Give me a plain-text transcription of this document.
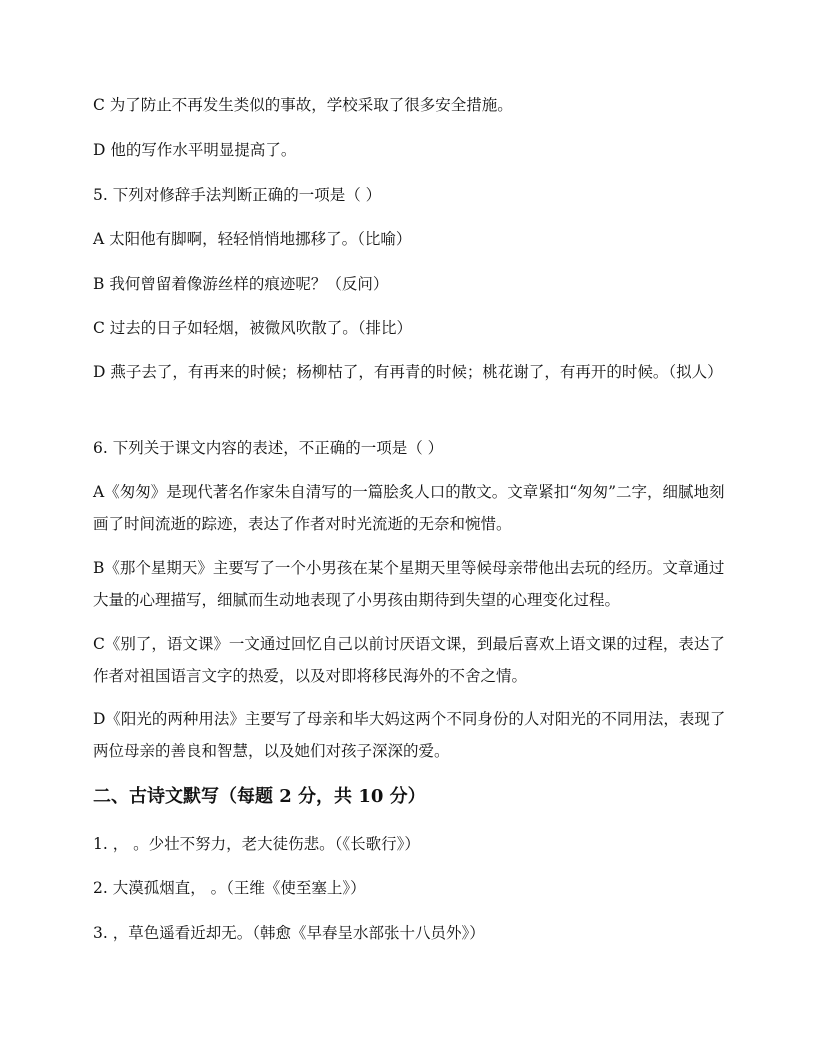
C 为了防止不再发生类似的事故，学校采取了很多安全措施。
D 他的写作水平明显提高了。
5. 下列对修辞手法判断正确的一项是（ ）
A 太阳他有脚啊，轻轻悄悄地挪移了。（比喻）
B 我何曾留着像游丝样的痕迹呢？（反问）
C 过去的日子如轻烟，被微风吹散了。（排比）
D 燕子去了，有再来的时候；杨柳枯了，有再青的时候；桃花谢了，有再开的时候。（拟人）
6. 下列关于课文内容的表述，不正确的一项是（ ）
A《匆匆》是现代著名作家朱自清写的一篇脍炙人口的散文。文章紧扣“匆匆”二字，细腻地刻画了时间流逝的踪迹，表达了作者对时光流逝的无奈和惋惜。
B《那个星期天》主要写了一个小男孩在某个星期天里等候母亲带他出去玩的经历。文章通过大量的心理描写，细腻而生动地表现了小男孩由期待到失望的心理变化过程。
C《别了，语文课》一文通过回忆自己以前讨厌语文课，到最后喜欢上语文课的过程，表达了作者对祖国语言文字的热爱，以及对即将移民海外的不舍之情。
D《阳光的两种用法》主要写了母亲和毕大妈这两个不同身份的人对阳光的不同用法，表现了两位母亲的善良和智慧，以及她们对孩子深深的爱。
二、古诗文默写（每题 2 分，共 10 分）
1. ， 。少壮不努力，老大徒伤悲。（《长歌行》）
2. 大漠孤烟直， 。（王维《使至塞上》）
3. ，草色遥看近却无。（韩愈《早春呈水部张十八员外》）
